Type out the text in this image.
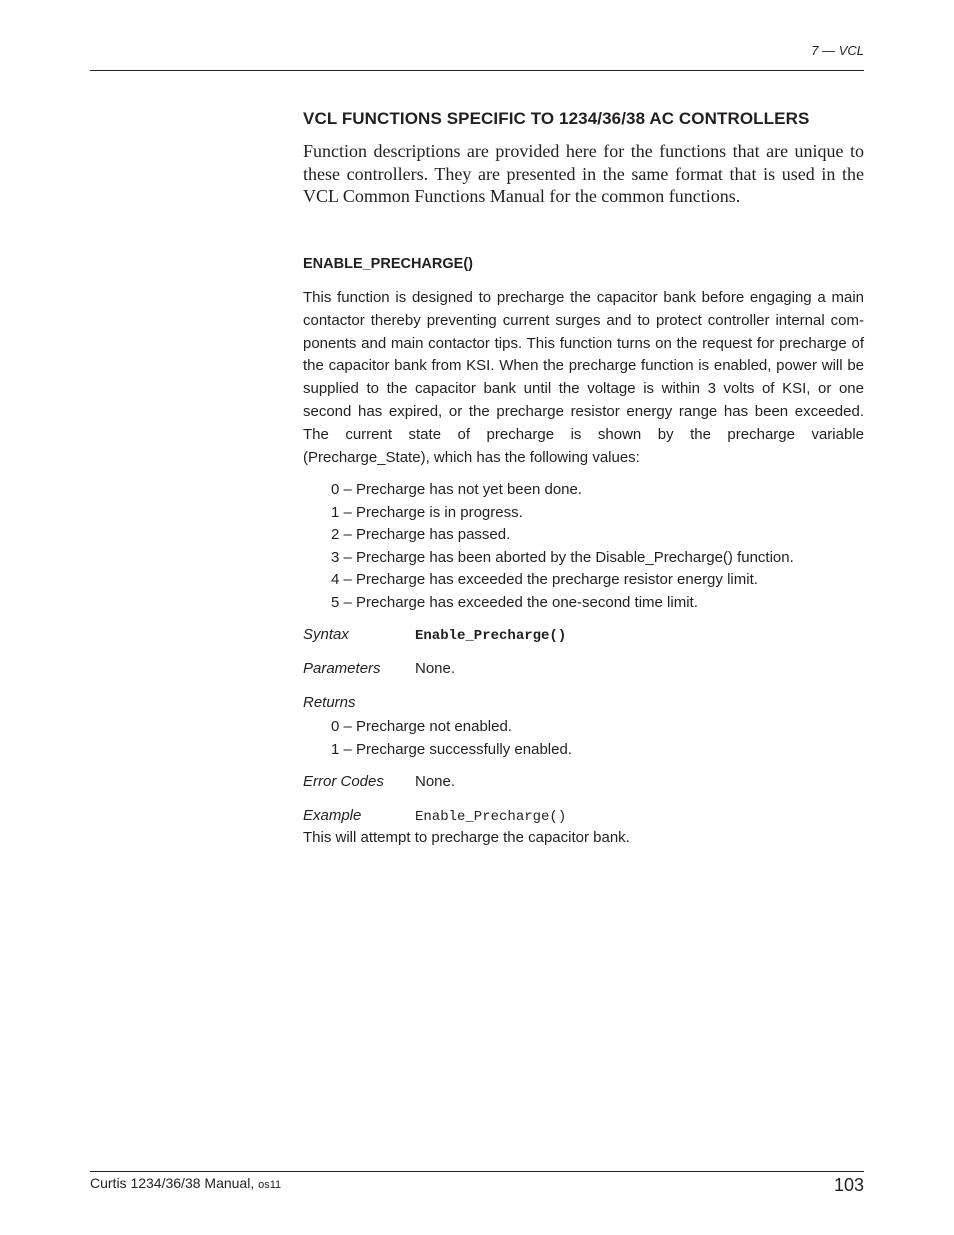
7 — VCL
VCL FUNCTIONS SPECIFIC TO 1234/36/38 AC CONTROLLERS
Function descriptions are provided here for the functions that are unique to these controllers. They are presented in the same format that is used in the VCL Common Functions Manual for the common functions.
ENABLE_PRECHARGE()
This function is designed to precharge the capacitor bank before engaging a main contactor thereby preventing current surges and to protect controller internal com- ponents and main contactor tips. This function turns on the request for precharge of the capacitor bank from KSI. When the precharge function is enabled, power will be supplied to the capacitor bank until the voltage is within 3 volts of KSI, or one second has expired, or the precharge resistor energy range has been exceeded. The current state of precharge is shown by the precharge variable (Precharge_State), which has the following values:
0 – Precharge has not yet been done.
1 – Precharge is in progress.
2 – Precharge has passed.
3 – Precharge has been aborted by the Disable_Precharge() function.
4 – Precharge has exceeded the precharge resistor energy limit.
5 – Precharge has exceeded the one-second time limit.
Syntax	Enable_Precharge()
Parameters None.
Returns
0 – Precharge not enabled.
1 – Precharge successfully enabled.
Error Codes None.
Example	Enable_Precharge()
This will attempt to precharge the capacitor bank.
Curtis 1234/36/38 Manual, os11	103
